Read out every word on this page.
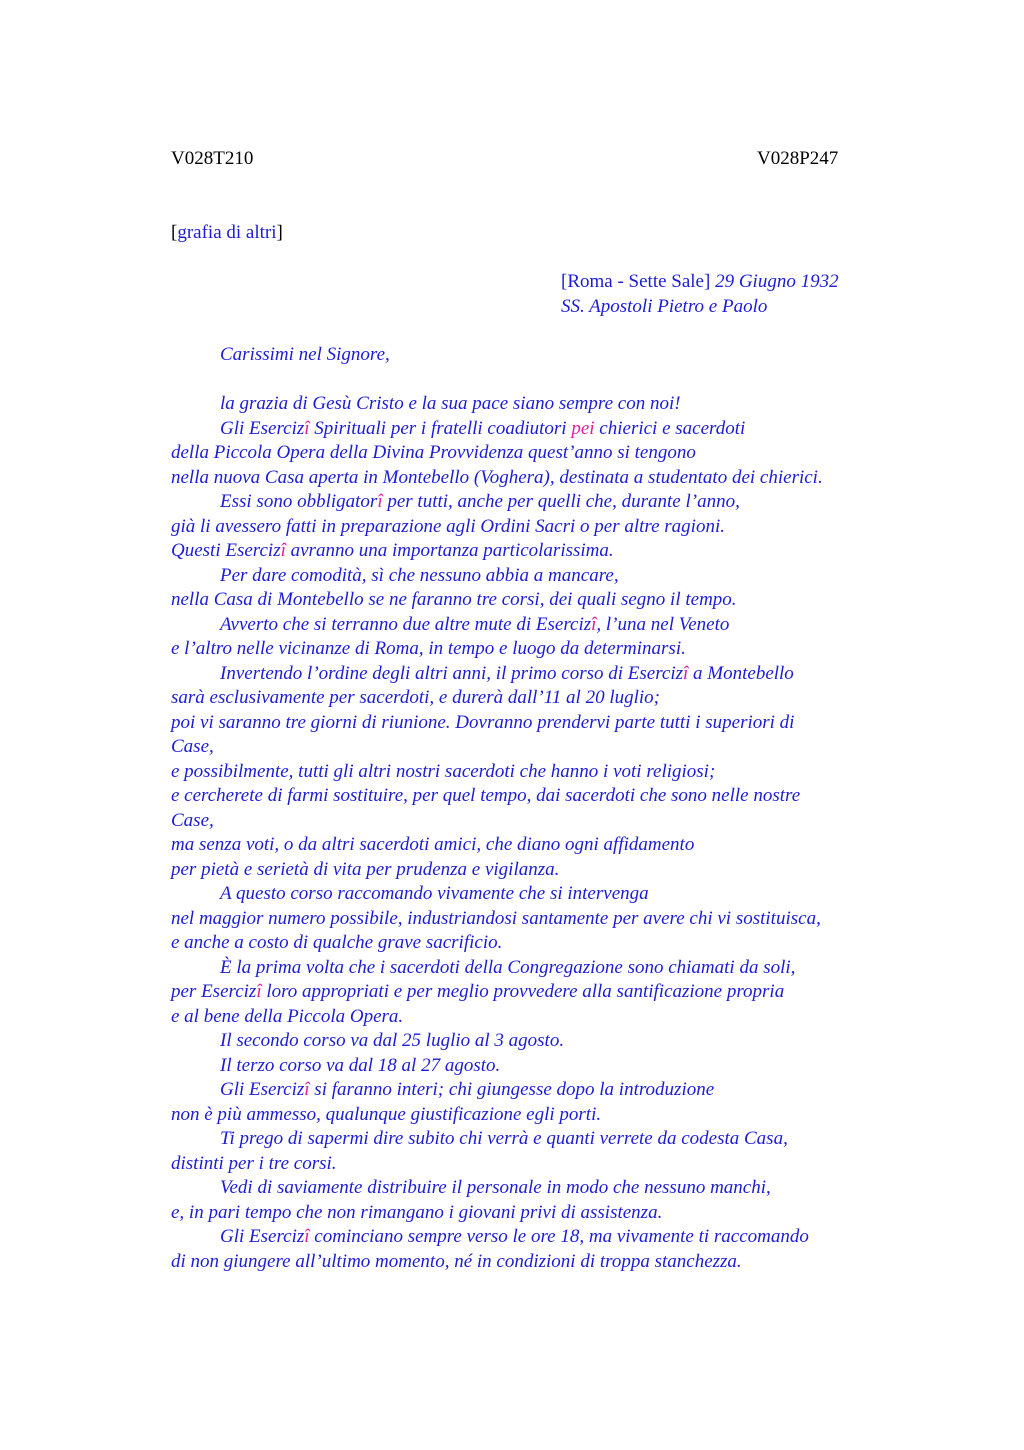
V028T210	V028P247
[grafia di altri]
[Roma - Sette Sale] 29 Giugno 1932
SS. Apostoli Pietro e Paolo
Carissimi nel Signore,
la grazia di Gesù Cristo e la sua pace siano sempre con noi!
Gli Esercizî Spirituali per i fratelli coadiutori pei chierici e sacerdoti
della Piccola Opera della Divina Provvidenza quest’anno si tengono
nella nuova Casa aperta in Montebello (Voghera), destinata a studentato dei chierici.
Essi sono obbligatorî per tutti, anche per quelli che, durante l’anno,
già li avessero fatti in preparazione agli Ordini Sacri o per altre ragioni.
Questi Esercizî avranno una importanza particolarissima.
Per dare comodità, sì che nessuno abbia a mancare,
nella Casa di Montebello se ne faranno tre corsi, dei quali segno il tempo.
Avverto che si terranno due altre mute di Esercizî, l’una nel Veneto
e l’altro nelle vicinanze di Roma, in tempo e luogo da determinarsi.
Invertendo l’ordine degli altri anni, il primo corso di Esercizî a Montebello
sarà esclusivamente per sacerdoti, e durerà dall’11 al 20 luglio;
poi vi saranno tre giorni di riunione. Dovranno prendervi parte tutti i superiori di
Case,
e possibilmente, tutti gli altri nostri sacerdoti che hanno i voti religiosi;
e cercherete di farmi sostituire, per quel tempo, dai sacerdoti che sono nelle nostre
Case,
ma senza voti, o da altri sacerdoti amici, che diano ogni affidamento
per pietà e serietà di vita per prudenza e vigilanza.
A questo corso raccomando vivamente che si intervenga
nel maggior numero possibile, industriandosi santamente per avere chi vi sostituisca,
e anche a costo di qualche grave sacrificio.
È la prima volta che i sacerdoti della Congregazione sono chiamati da soli,
per Esercizî loro appropriati e per meglio provvedere alla santificazione propria
e al bene della Piccola Opera.
Il secondo corso va dal 25 luglio al 3 agosto.
Il terzo corso va dal 18 al 27 agosto.
Gli Esercizî si faranno interi; chi giungesse dopo la introduzione
non è più ammesso, qualunque giustificazione egli porti.
Ti prego di sapermi dire subito chi verrà e quanti verrete da codesta Casa,
distinti per i tre corsi.
Vedi di saviamente distribuire il personale in modo che nessuno manchi,
e, in pari tempo che non rimangano i giovani privi di assistenza.
Gli Esercizî cominciano sempre verso le ore 18, ma vivamente ti raccomando
di non giungere all’ultimo momento, né in condizioni di troppa stanchezza.
